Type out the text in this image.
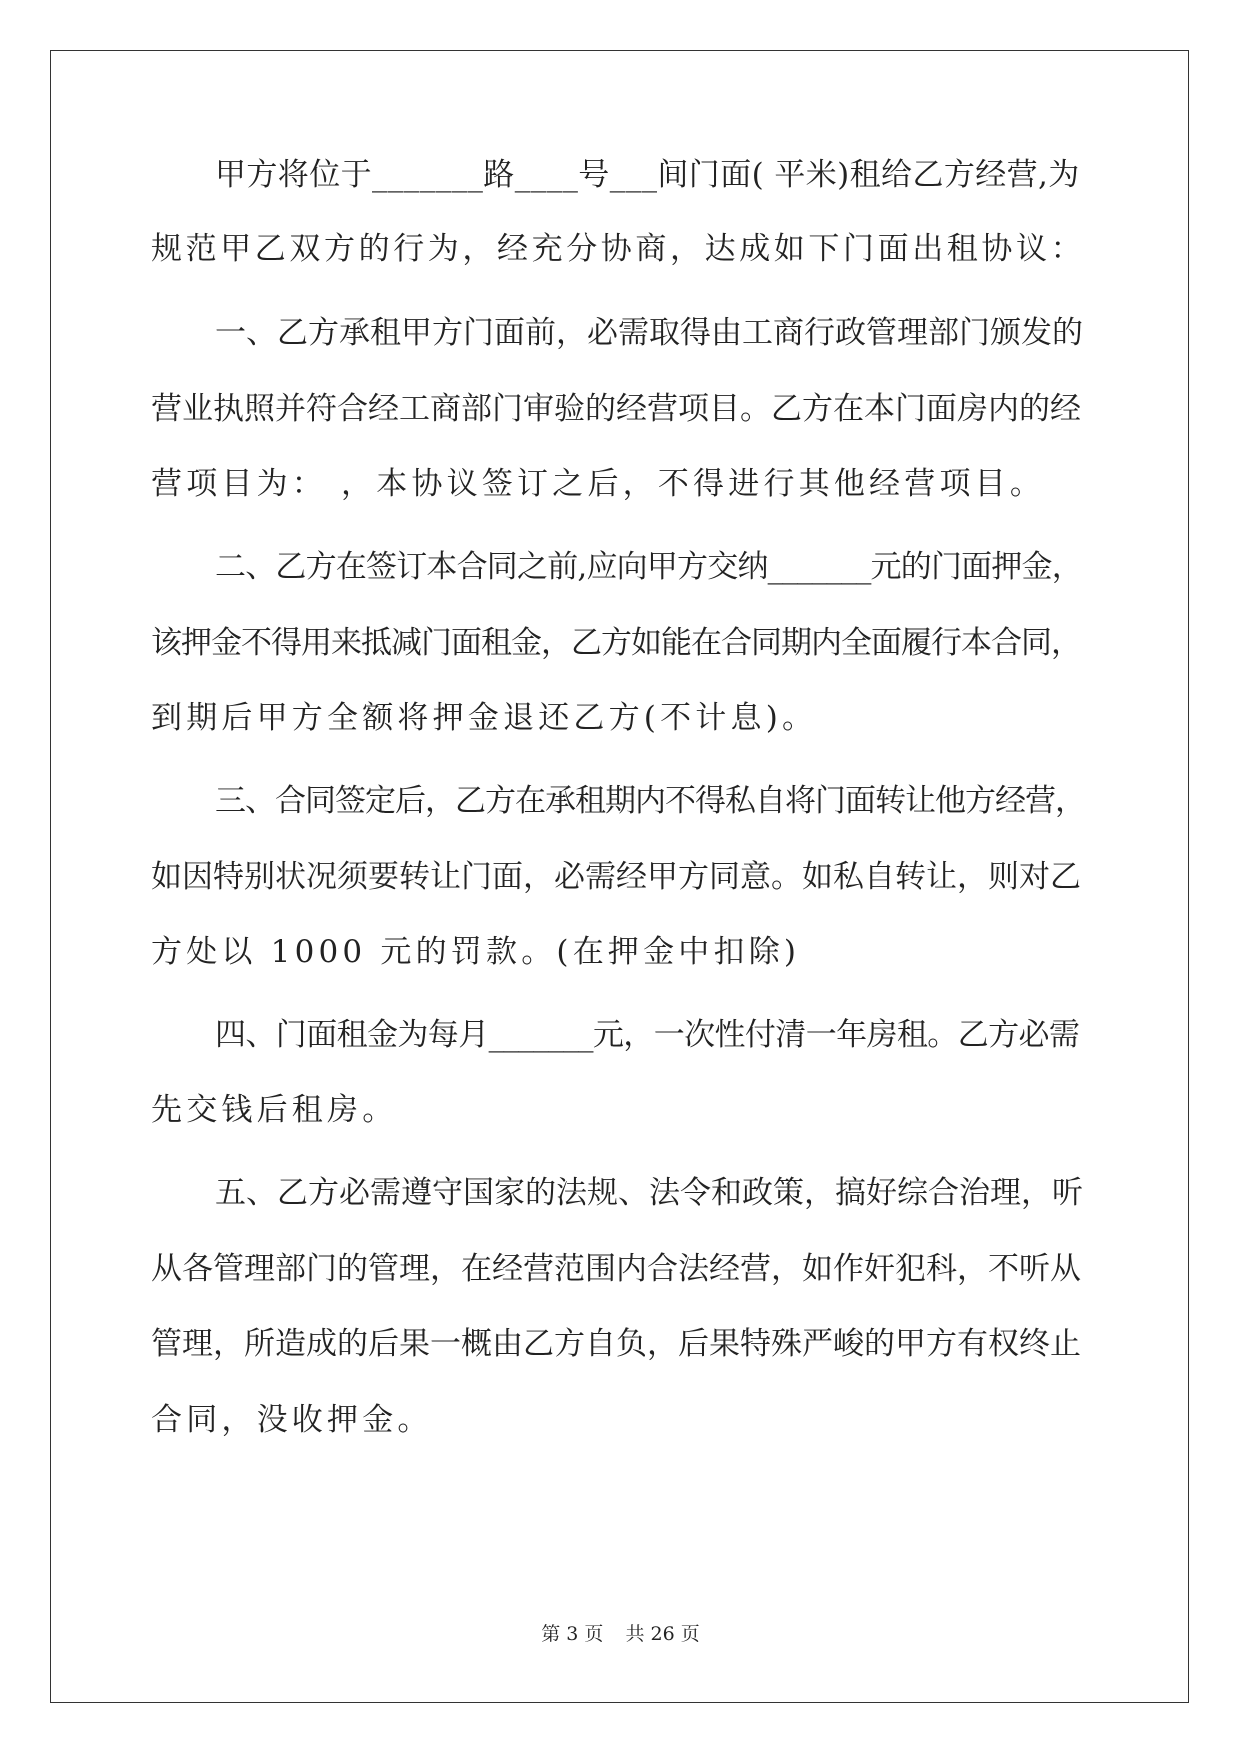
甲方将位于_______路____号___间门面( 平米)租给乙方经营,为

规范甲乙双方的行为，经充分协商，达成如下门面出租协议：

一、乙方承租甲方门面前，必需取得由工商行政管理部门颁发的

营业执照并符合经工商部门审验的经营项目。乙方在本门面房内的经

营项目为： ，本协议签订之后，不得进行其他经营项目。

二、乙方在签订本合同之前,应向甲方交纳_______元的门面押金，

该押金不得用来抵减门面租金，乙方如能在合同期内全面履行本合同，

到期后甲方全额将押金退还乙方(不计息)。

三、合同签定后，乙方在承租期内不得私自将门面转让他方经营，

如因特别状况须要转让门面，必需经甲方同意。如私自转让，则对乙

方处以 1000 元的罚款。(在押金中扣除)

四、门面租金为每月_______元，一次性付清一年房租。乙方必需

先交钱后租房。

五、乙方必需遵守国家的法规、法令和政策，搞好综合治理，听

从各管理部门的管理，在经营范围内合法经营，如作奸犯科，不听从

管理，所造成的后果一概由乙方自负，后果特殊严峻的甲方有权终止

合同，没收押金。

第 3 页 共 26 页
